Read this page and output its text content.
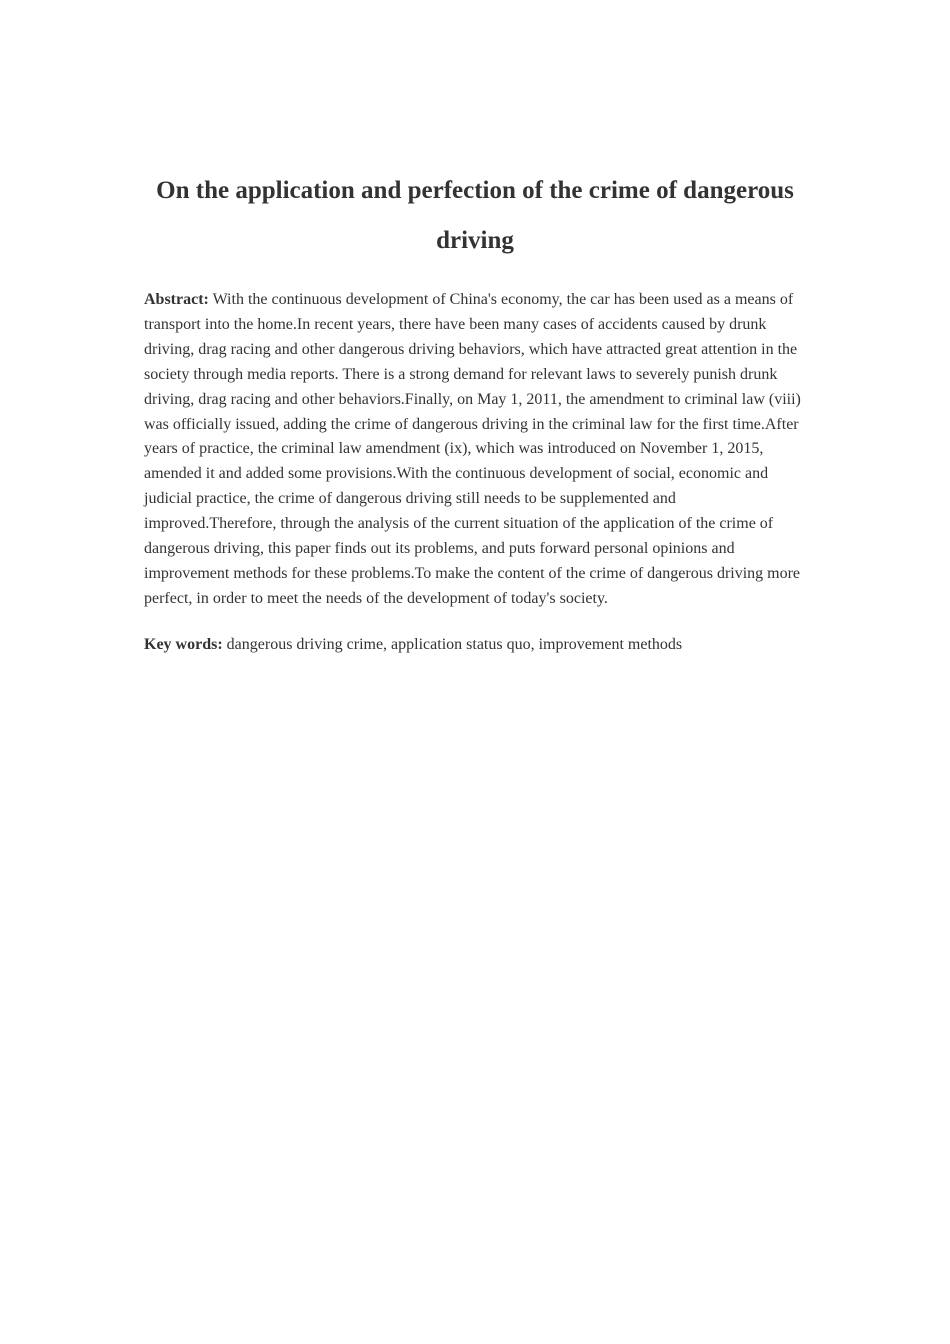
On the application and perfection of the crime of dangerous driving

Abstract: With the continuous development of China's economy, the car has been used as a means of transport into the home.In recent years, there have been many cases of accidents caused by drunk driving, drag racing and other dangerous driving behaviors, which have attracted great attention in the society through media reports. There is a strong demand for relevant laws to severely punish drunk driving, drag racing and other behaviors.Finally, on May 1, 2011, the amendment to criminal law (viii) was officially issued, adding the crime of dangerous driving in the criminal law for the first time.After years of practice, the criminal law amendment (ix), which was introduced on November 1, 2015, amended it and added some provisions.With the continuous development of social, economic and judicial practice, the crime of dangerous driving still needs to be supplemented and improved.Therefore, through the analysis of the current situation of the application of the crime of dangerous driving, this paper finds out its problems, and puts forward personal opinions and improvement methods for these problems.To make the content of the crime of dangerous driving more perfect, in order to meet the needs of the development of today's society.

Key words: dangerous driving crime, application status quo, improvement methods
